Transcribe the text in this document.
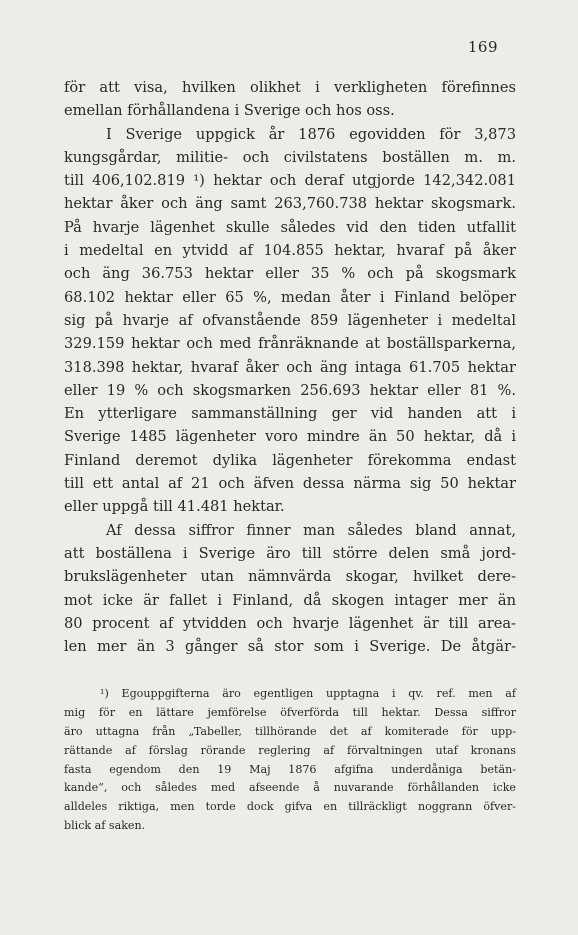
169
för att visa, hvilken olikhet i verkligheten förefinnes
emellan förhållandena i Sverige och hos oss.
I Sverige uppgick år 1876 egovidden för 3,873
kungsgårdar, militie- och civilstatens boställen m. m.
till 406,102.819 ¹) hektar och deraf utgjorde 142,342.081
hektar åker och äng samt 263,760.738 hektar skogsmark.
På hvarje lägenhet skulle således vid den tiden utfallit
i medeltal en ytvidd af 104.855 hektar, hvaraf på åker
och äng 36.753 hektar eller 35 % och på skogsmark
68.102 hektar eller 65 %, medan åter i Finland belöper
sig på hvarje af ofvanstående 859 lägenheter i medeltal
329.159 hektar och med frånräknande at boställsparkerna,
318.398 hektar, hvaraf åker och äng intaga 61.705 hektar
eller 19 % och skogsmarken 256.693 hektar eller 81 %.
En ytterligare sammanställning ger vid handen att i
Sverige 1485 lägenheter voro mindre än 50 hektar, då i
Finland deremot dylika lägenheter förekomma endast
till ett antal af 21 och äfven dessa närma sig 50 hektar
eller uppgå till 41.481 hektar.
Af dessa siffror finner man således bland annat,
att boställena i Sverige äro till större delen små jord-
brukslägenheter utan nämnvärda skogar, hvilket dere-
mot icke är fallet i Finland, då skogen intager mer än
80 procent af ytvidden och hvarje lägenhet är till area-
len mer än 3 gånger så stor som i Sverige. De åtgär-
¹) Egouppgifterna äro egentligen upptagna i qv. ref. men af
mig för en lättare jemförelse öfverförda till hektar. Dessa siffror
äro uttagna från „Tabeller, tillhörande det af komiterade för upp-
rättande af förslag rörande reglering af förvaltningen utaf kronans
fasta egendom den 19 Maj 1876 afgifna underdåniga betän-
kande“, och således med afseende å nuvarande förhållanden icke
alldeles riktiga, men torde dock gifva en tillräckligt noggrann öfver-
blick af saken.
